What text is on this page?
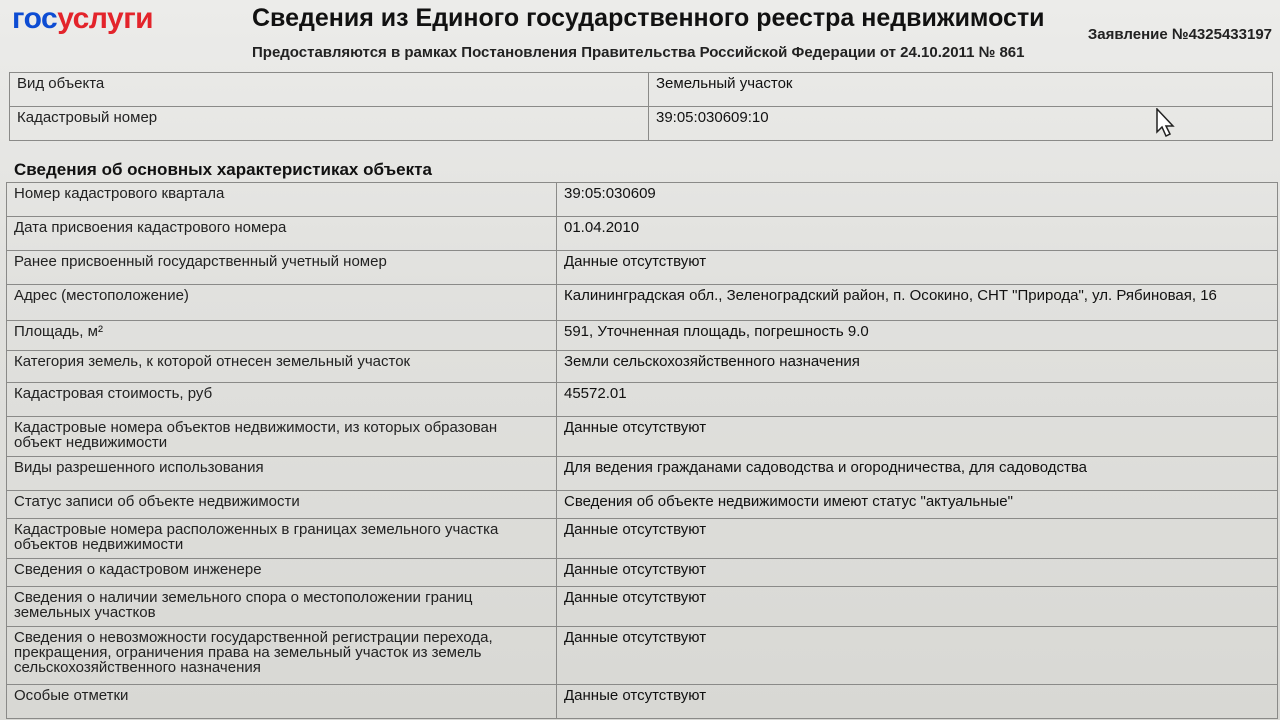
госуслуги	Сведения из Единого государственного реестра недвижимости
Предоставляются в рамках Постановления Правительства Российской Федерации от 24.10.2011 № 861
Заявление №4325433197
Вид объекта	Земельный участок
Кадастровый номер	39:05:030609:10
Сведения об основных характеристиках объекта
Номер кадастрового квартала	39:05:030609
Дата присвоения кадастрового номера	01.04.2010
Ранее присвоенный государственный учетный номер	Данные отсутствуют
Адрес (местоположение)	Калининградская обл., Зеленоградский район, п. Осокино, СНТ "Природа", ул. Рябиновая, 16
Площадь, м²	591, Уточненная площадь, погрешность 9.0
Категория земель, к которой отнесен земельный участок	Земли сельскохозяйственного назначения
Кадастровая стоимость, руб	45572.01
Кадастровые номера объектов недвижимости, из которых образован объект недвижимости	Данные отсутствуют
Виды разрешенного использования	Для ведения гражданами садоводства и огородничества, для садоводства
Статус записи об объекте недвижимости	Сведения об объекте недвижимости имеют статус "актуальные"
Кадастровые номера расположенных в границах земельного участка объектов недвижимости	Данные отсутствуют
Сведения о кадастровом инженере	Данные отсутствуют
Сведения о наличии земельного спора о местоположении границ земельных участков	Данные отсутствуют
Сведения о невозможности государственной регистрации перехода, прекращения, ограничения права на земельный участок из земель сельскохозяйственного назначения	Данные отсутствуют
Особые отметки	Данные отсутствуют
